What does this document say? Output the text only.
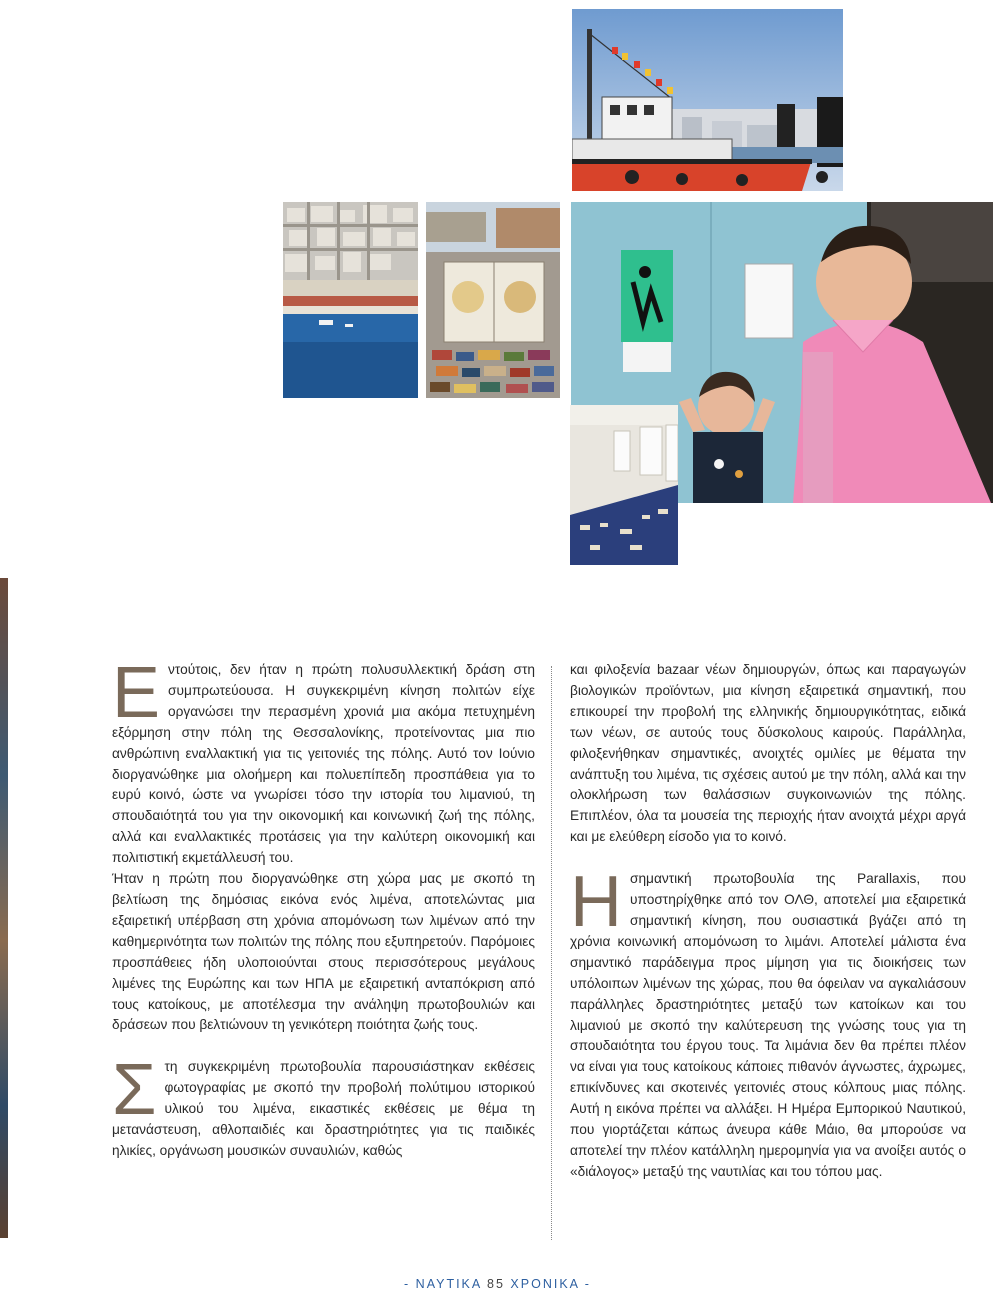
Εντούτοις, δεν ήταν η πρώτη πολυσυλλεκτική δράση στη συμπρωτεύουσα. Η συγκεκριμένη κίνηση πολιτών είχε οργανώσει την περασμένη χρονιά μια ακόμα πετυχημένη εξόρμηση στην πόλη της Θεσσαλονίκης, προτείνοντας μια πιο ανθρώπινη εναλλακτική για τις γειτονιές της πόλης. Αυτό τον Ιούνιο διοργανώθηκε μια ολοήμερη και πολυεπίπεδη προσπάθεια για το ευρύ κοινό, ώστε να γνωρίσει τόσο την ιστορία του λιμανιού, τη σπουδαιότητά του για την οικονομική και κοινωνική ζωή της πόλης, αλλά και εναλλακτικές προτάσεις για την καλύτερη οικονομική και πολιτιστική εκμετάλλευσή του.

Ήταν η πρώτη που διοργανώθηκε στη χώρα μας με σκοπό τη βελτίωση της δημόσιας εικόνα ενός λιμένα, αποτελώντας μια εξαιρετική υπέρβαση στη χρόνια απομόνωση των λιμένων από την καθημερινότητα των πολιτών της πόλης που εξυπηρετούν. Παρόμοιες προσπάθειες ήδη υλοποιούνται στους περισσότερους μεγάλους λιμένες της Ευρώπης και των ΗΠΑ με εξαιρετική ανταπόκριση από τους κατοίκους, με αποτέλεσμα την ανάληψη πρωτοβουλιών και δράσεων που βελτιώνουν τη γενικότερη ποιότητα ζωής τους.

Στη συγκεκριμένη πρωτοβουλία παρουσιάστηκαν εκθέσεις φωτογραφίας με σκοπό την προβολή πολύτιμου ιστορικού υλικού του λιμένα, εικαστικές εκθέσεις με θέμα τη μετανάστευση, αθλοπαιδιές και δραστηριότητες για τις παιδικές ηλικίες, οργάνωση μουσικών συναυλιών, καθώς

και φιλοξενία bazaar νέων δημιουργών, όπως και παραγωγών βιολογικών προϊόντων, μια κίνηση εξαιρετικά σημαντική, που επικουρεί την προβολή της ελληνικής δημιουργικότητας, ειδικά των νέων, σε αυτούς τους δύσκολους καιρούς. Παράλληλα, φιλοξενήθηκαν σημαντικές, ανοιχτές ομιλίες με θέματα την ανάπτυξη του λιμένα, τις σχέσεις αυτού με την πόλη, αλλά και την ολοκλήρωση των θαλάσσιων συγκοινωνιών της πόλης. Επιπλέον, όλα τα μουσεία της περιοχής ήταν ανοιχτά μέχρι αργά και με ελεύθερη είσοδο για το κοινό.

Ησημαντική πρωτοβουλία της Parallaxis, που υποστηρίχθηκε από τον ΟΛΘ, αποτελεί μια εξαιρετικά σημαντική κίνηση, που ουσιαστικά βγάζει από τη χρόνια κοινωνική απομόνωση το λιμάνι. Αποτελεί μάλιστα ένα σημαντικό παράδειγμα προς μίμηση για τις διοικήσεις των υπόλοιπων λιμένων της χώρας, που θα όφειλαν να αγκαλιάσουν παράλληλες δραστηριότητες μεταξύ των κατοίκων και του λιμανιού με σκοπό την καλύτερευση της γνώσης τους για τη σπουδαιότητα του έργου τους. Τα λιμάνια δεν θα πρέπει πλέον να είναι για τους κατοίκους κάποιες πιθανόν άγνωστες, άχρωμες, επικίνδυνες και σκοτεινές γειτονιές στους κόλπους μιας πόλης. Αυτή η εικόνα πρέπει να αλλάξει. Η Ημέρα Εμπορικού Ναυτικού, που γιορτάζεται κάπως άνευρα κάθε Μάιο, θα μπορούσε να αποτελεί την πλέον κατάλληλη ημερομηνία για να ανοίξει αυτός ο «διάλογος» μεταξύ της ναυτιλίας και του τόπου μας.

- ΝΑΥΤΙΚΑ 85 ΧΡΟΝΙΚΑ -
